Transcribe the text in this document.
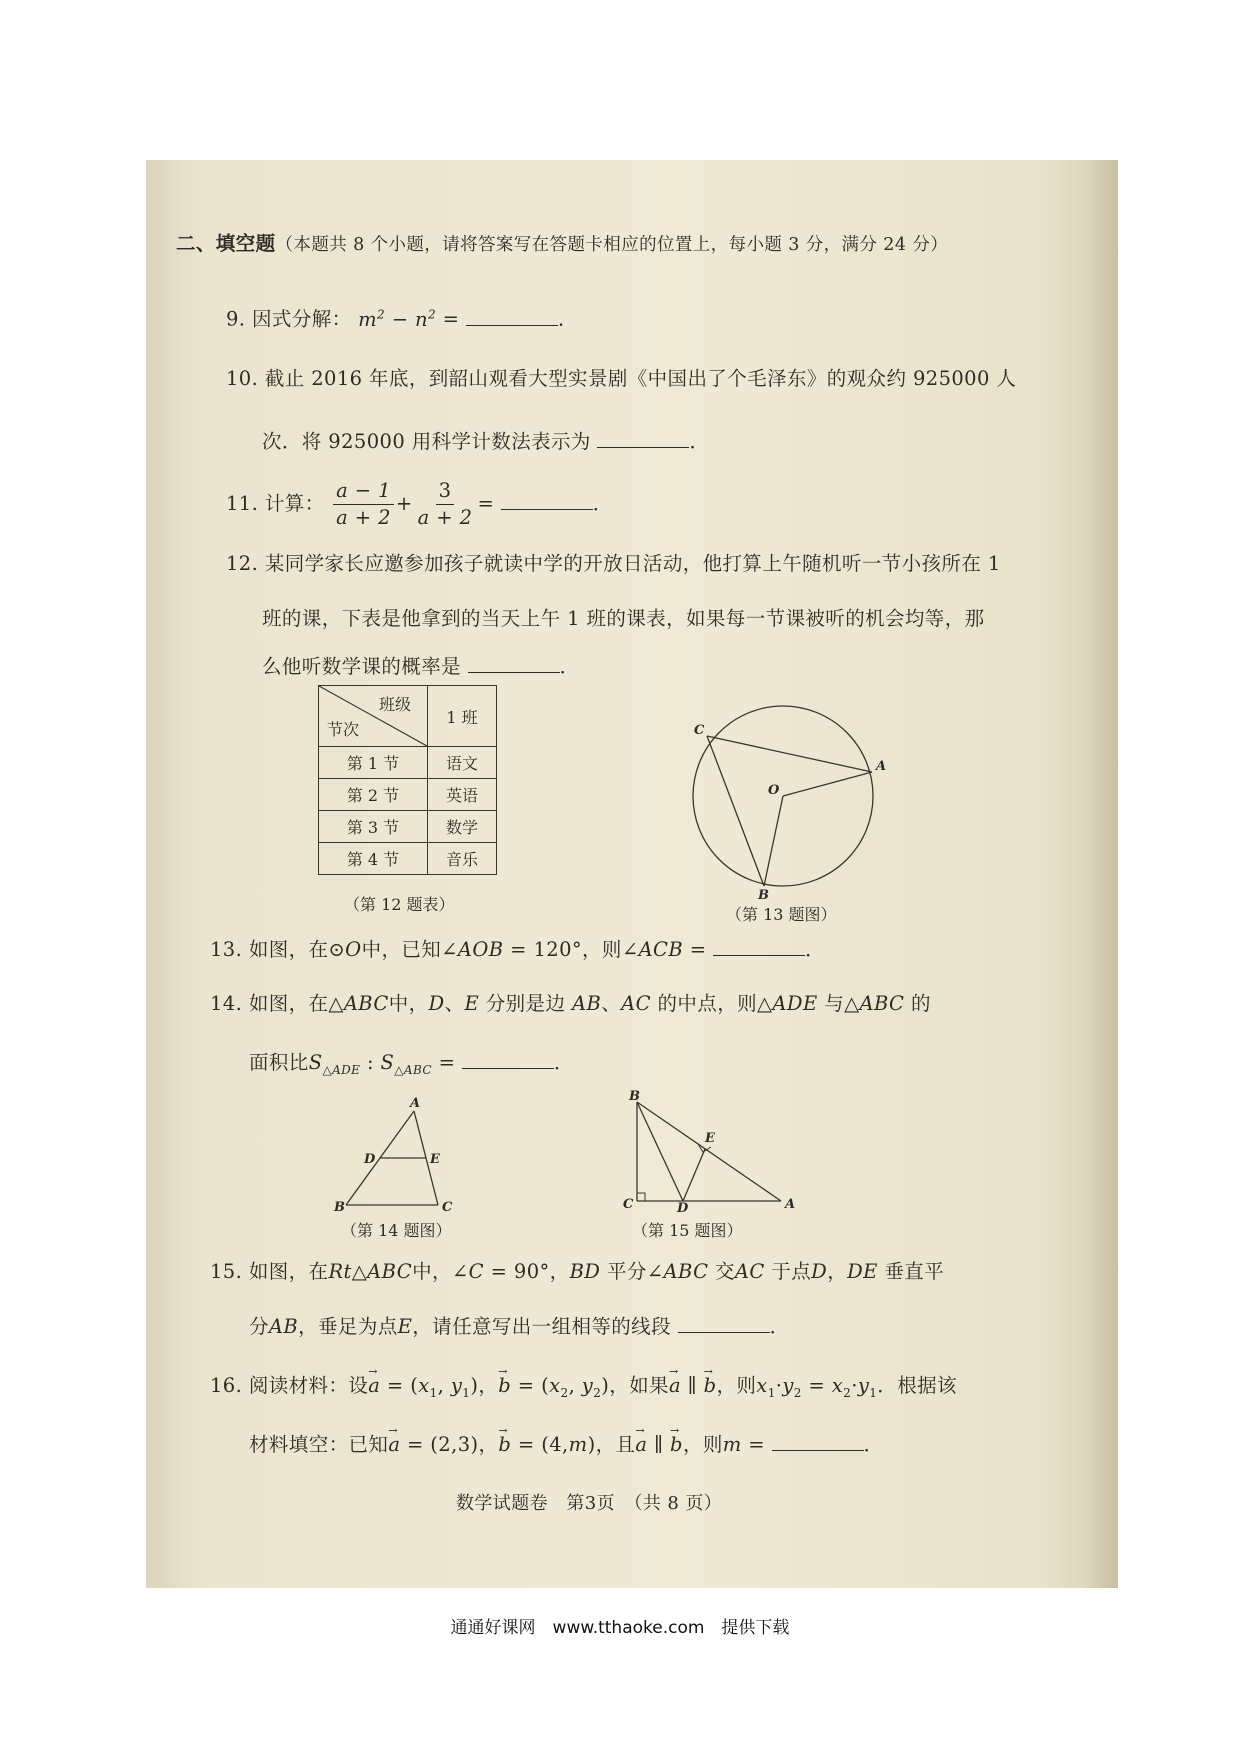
二、填空题（本题共 8 个小题，请将答案写在答题卡相应的位置上，每小题 3 分，满分 24 分）
9. 因式分解： $m^2 - n^2$ =	．
10. 截止 2016 年底，到韶山观看大型实景剧《中国出了个毛泽东》的观众约 925000 人
次．将 925000 用科学计数法表示为	．
11. 计算： $\frac{a - 1}{a + 2} + \frac{3}{a + 2}$ =	．
12. 某同学家长应邀参加孩子就读中学的开放日活动，他打算上午随机听一节小孩所在 1
班的课，下表是他拿到的当天上午 1 班的课表，如果每一节课被听的机会均等，那
么他听数学课的概率是	．
班级
节次	1 班
第 1 节	语文
第 2 节	英语
第 3 节	数学
第 4 节	音乐
（第 12 题表）
C
A
O
B
（第 13 题图）
13. 如图，在⊙O中，已知∠AOB = 120°，则∠ACB =	．
14. 如图，在△ABC中，D、E 分别是边 AB、AC 的中点，则△ADE 与△ABC 的
面积比$S_{\triangle ADE}$ : $S_{\triangle ABC}$ =	．
A
D	E
B	C
（第 14 题图）
B
E
C	D	A
（第 15 题图）
15. 如图，在Rt△ABC中，∠C = 90°，BD 平分∠ABC 交AC 于点D，DE 垂直平
分AB，垂足为点E，请任意写出一组相等的线段	．
16. 阅读材料：设→ $a = (x_1$, $y_1$)，→ $b = (x_2$, $y_2$)，如果→ a ∥ → b，则$x_1\cdot y_2 = x_2\cdot y_1$．根据该
材料填空：已知→ a = (2,3)，→ b = (4,m)，且→ a ∥ → b，则m =	．
数学试题卷　第3页　（共 8 页）
通通好课网　www.tthaoke.com　提供下载
